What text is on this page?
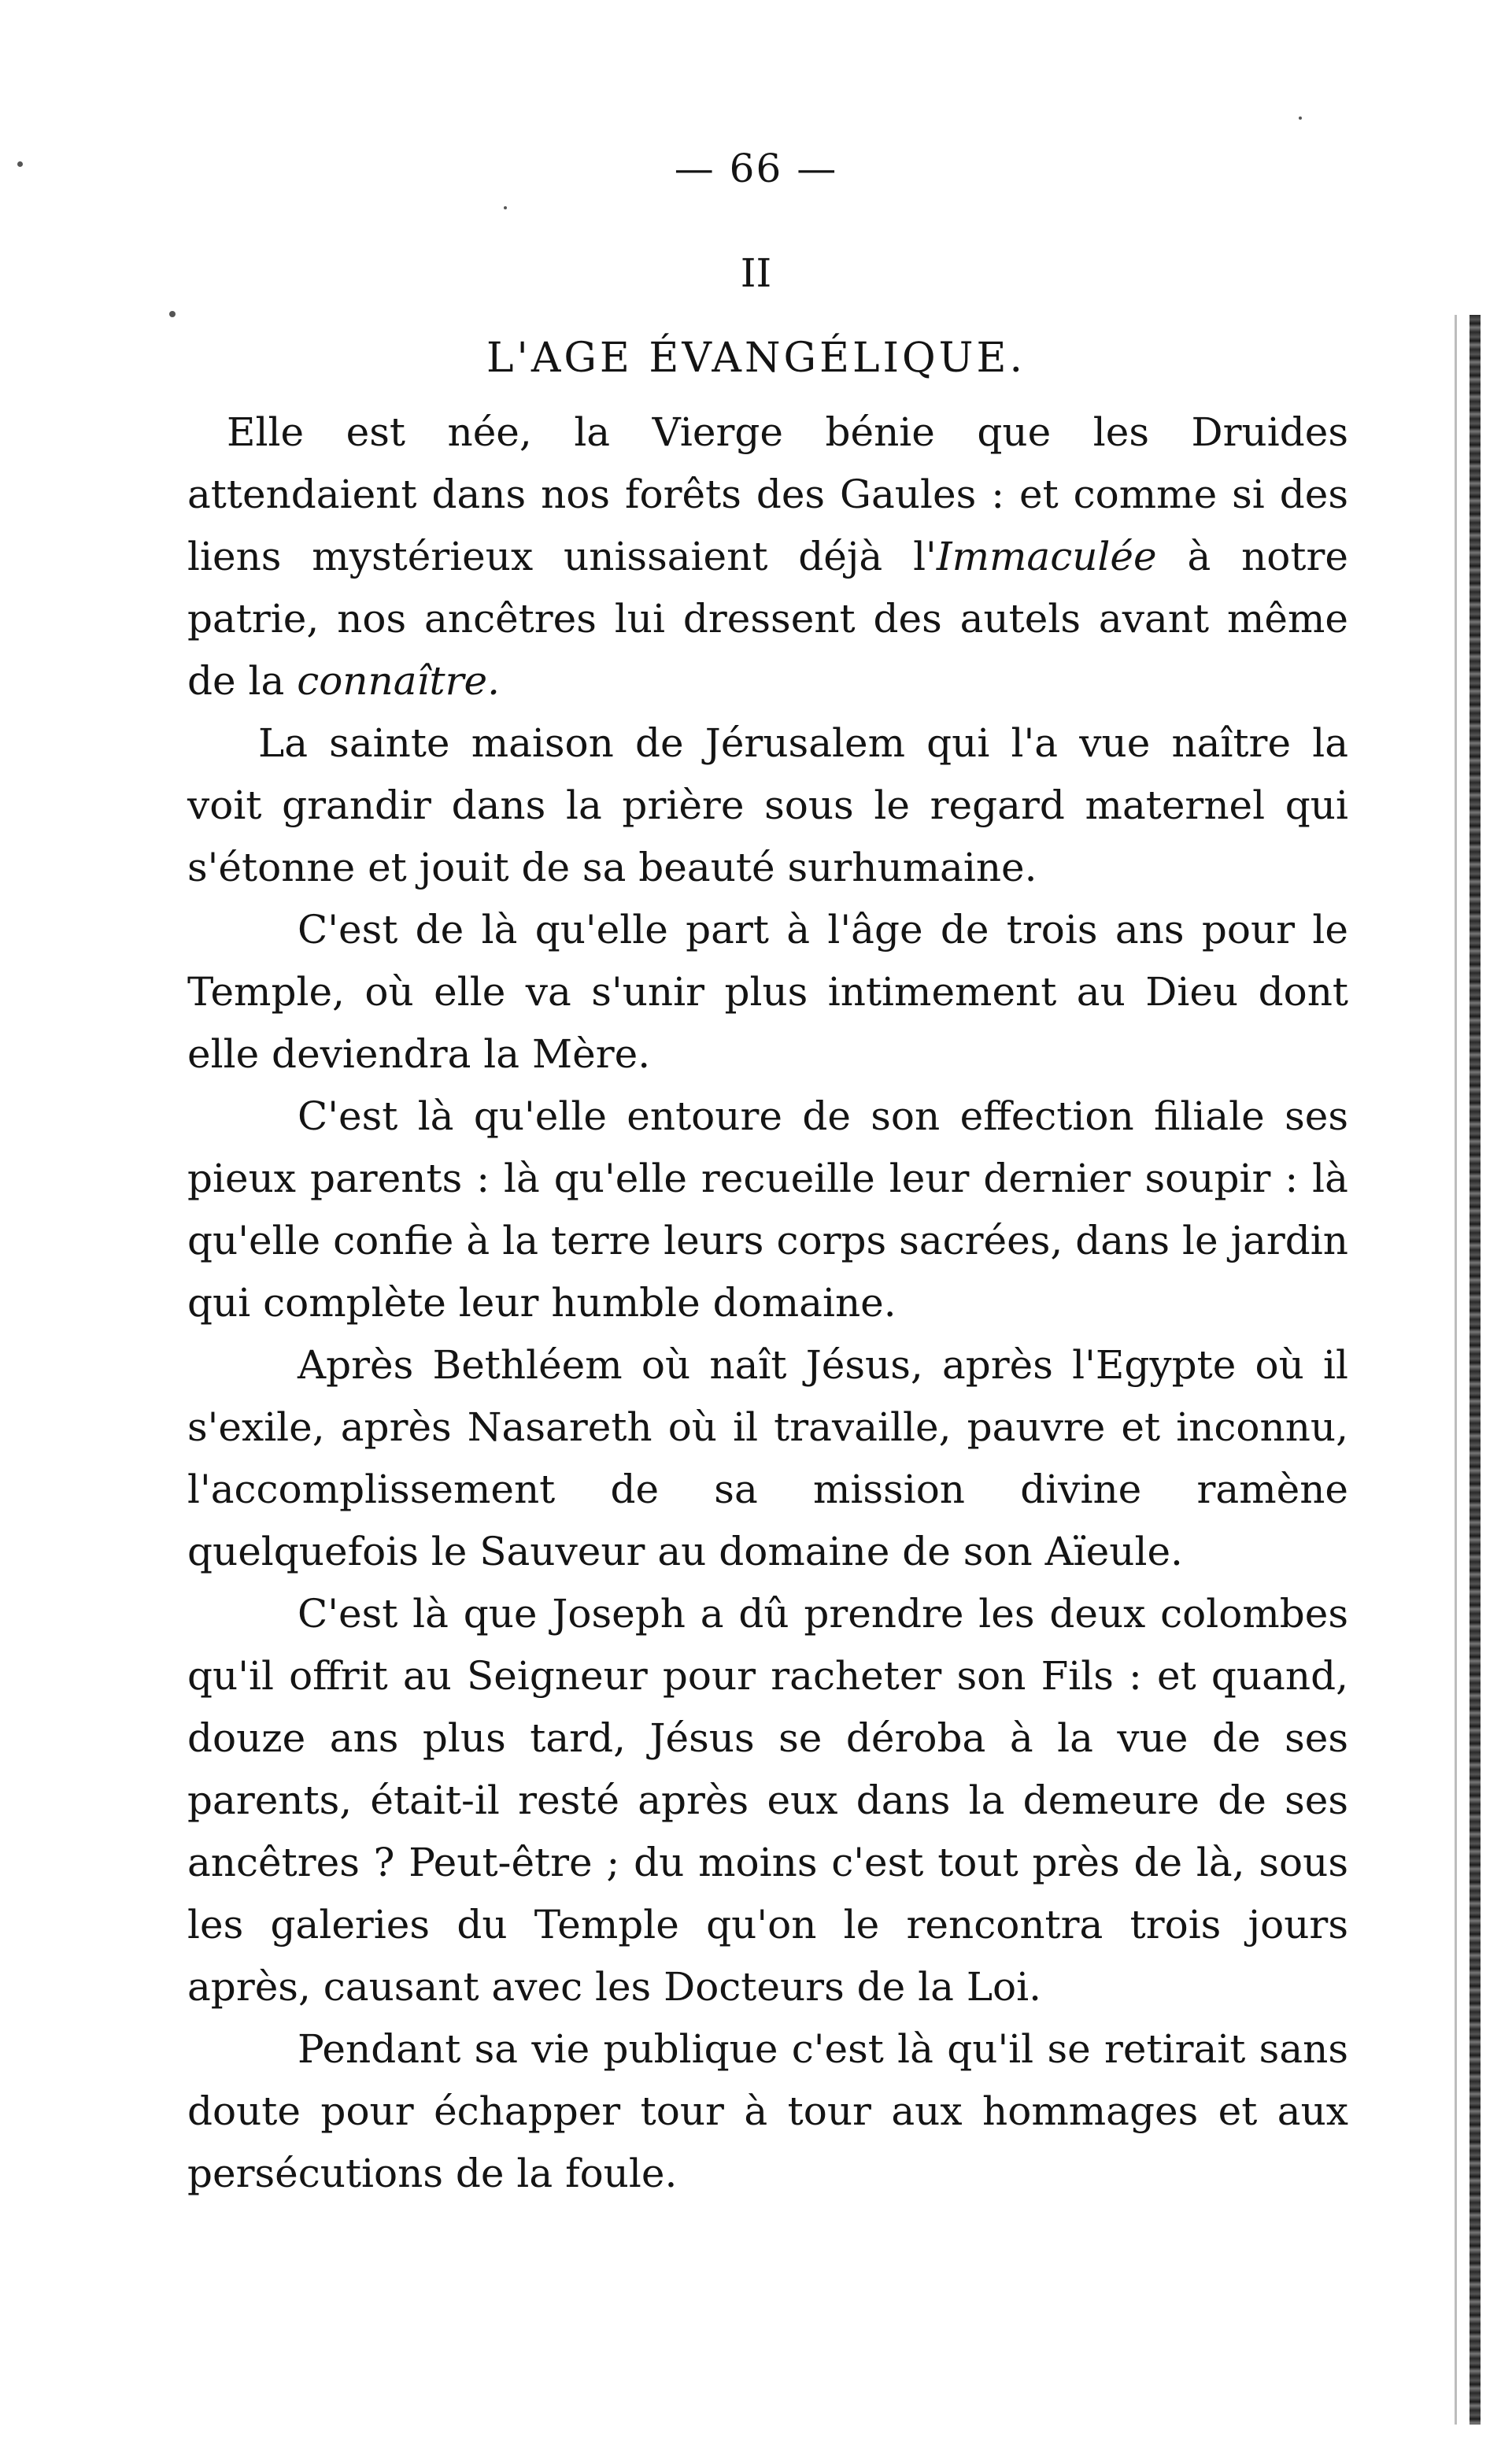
— 66 —
II
L'AGE ÉVANGÉLIQUE.

Elle est née, la Vierge bénie que les Druides attendaient dans nos forêts des Gaules : et comme si des liens mystérieux unissaient déjà l'Immaculée à notre patrie, nos ancêtres lui dressent des autels avant même de la connaître.

La sainte maison de Jérusalem qui l'a vue naître la voit grandir dans la prière sous le regard maternel qui s'étonne et jouit de sa beauté surhumaine.

C'est de là qu'elle part à l'âge de trois ans pour le Temple, où elle va s'unir plus intimement au Dieu dont elle deviendra la Mère.

C'est là qu'elle entoure de son effection filiale ses pieux parents : là qu'elle recueille leur dernier soupir : là qu'elle confie à la terre leurs corps sacrées, dans le jardin qui complète leur humble domaine.

Après Bethléem où naît Jésus, après l'Egypte où il s'exile, après Nasareth où il travaille, pauvre et inconnu, l'accomplissement de sa mission divine ramène quelquefois le Sauveur au domaine de son Aïeule.

C'est là que Joseph a dû prendre les deux colombes qu'il offrit au Seigneur pour racheter son Fils : et quand, douze ans plus tard, Jésus se déroba à la vue de ses parents, était-il resté après eux dans la demeure de ses ancêtres ? Peut-être ; du moins c'est tout près de là, sous les galeries du Temple qu'on le rencontra trois jours après, causant avec les Docteurs de la Loi.

Pendant sa vie publique c'est là qu'il se retirait sans doute pour échapper tour à tour aux hommages et aux persécutions de la foule.
